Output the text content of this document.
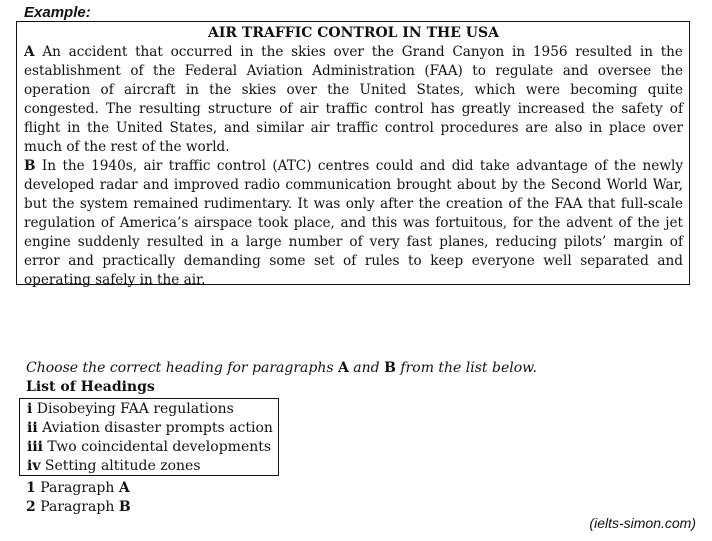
Example:
AIR TRAFFIC CONTROL IN THE USA

A An accident that occurred in the skies over the Grand Canyon in 1956 resulted in the establishment of the Federal Aviation Administration (FAA) to regulate and oversee the operation of aircraft in the skies over the United States, which were becoming quite congested. The resulting structure of air traffic control has greatly increased the safety of flight in the United States, and similar air traffic control procedures are also in place over much of the rest of the world.

B In the 1940s, air traffic control (ATC) centres could and did take advantage of the newly developed radar and improved radio communication brought about by the Second World War, but the system remained rudimentary. It was only after the creation of the FAA that full-scale regulation of America’s airspace took place, and this was fortuitous, for the advent of the jet engine suddenly resulted in a large number of very fast planes, reducing pilots’ margin of error and practically demanding some set of rules to keep everyone well separated and operating safely in the air.

Choose the correct heading for paragraphs A and B from the list below.
List of Headings
i Disobeying FAA regulations
ii Aviation disaster prompts action
iii Two coincidental developments
iv Setting altitude zones
1 Paragraph A
2 Paragraph B
(ielts-simon.com)
